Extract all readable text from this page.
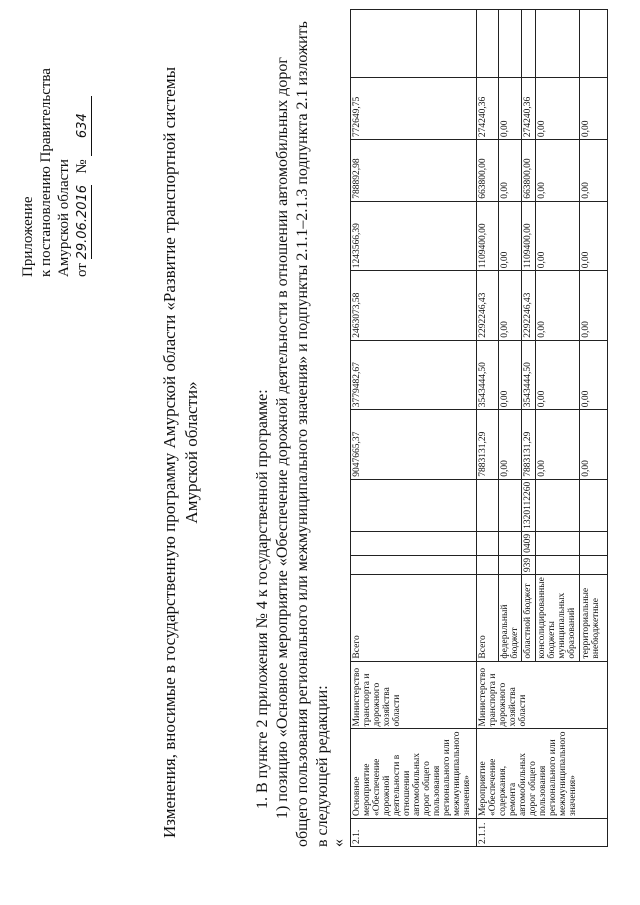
Приложение к постановлению Правительства Амурской области от 29.06.2016   № 634	Изменения, вносимые в государственную программу Амурской области «Развитие транспортной системы Амурской области»	1. В пункте 2 приложения № 4 к государственной программе: 1) позицию «Основное мероприятие «Обеспечение дорожной деятельности в отношении автомобильных дорог общего пользования регионального или межмуниципального значения» и подпункты 2.1.1–2.1.3 подпункта 2.1 изложить в следующей редакции: « 2.1.	Основное мероприятие «Обеспечение дорожной деятельности в отношении автомобильных дорог общего пользования регионального или межмуниципального значения»	Министерство транспорта и дорожного хозяйства области	Всего				9047665,37	3779482,67	2463073,58	1243566,39	788892,98	772649,75	
2.1.1.	Мероприятие «Обеспечение содержания, ремонта автомобильных дорог общего пользования регионального или межмуниципального значения»	Министерство транспорта и дорожного хозяйства области	Всего				7883131,29	3543444,50	2292246,43	1109400,00	663800,00	274240,36	
			федеральный бюджет				0,00	0,00	0,00	0,00	0,00	0,00	
			областной бюджет	939	0409	1320112260	7883131,29	3543444,50	2292246,43	1109400,00	663800,00	274240,36	
			консолидированные бюджеты муниципальных образований				0,00	0,00	0,00	0,00	0,00	0,00	
			территориальные внебюджетные				0,00	0,00	0,00	0,00	0,00	0,00	
